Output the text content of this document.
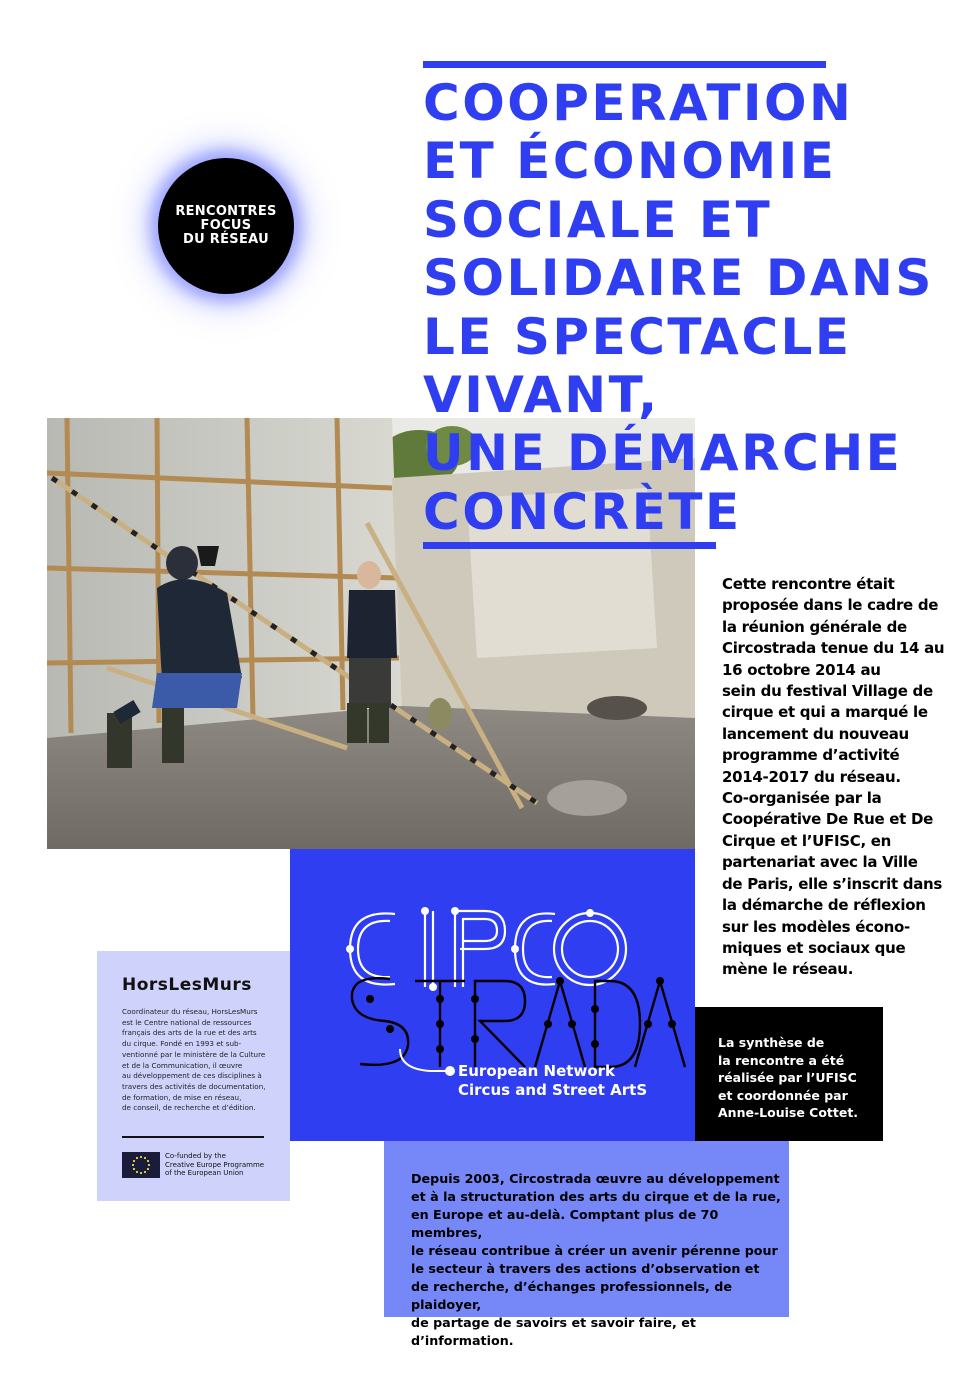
RENCONTRES
FOCUS
DU RÉSEAU
COOPERATION
ET ÉCONOMIE
SOCIALE ET
SOLIDAIRE DANS
LE SPECTACLE
VIVANT,
UNE DÉMARCHE
CONCRÈTE
Cette rencontre était
proposée dans le cadre de
la réunion générale de
Circostrada tenue du 14 au
16 octobre 2014 au
sein du festival Village de
cirque et qui a marqué le
lancement du nouveau
programme d’activité
2014-2017 du réseau.
Co-organisée par la
Coopérative De Rue et De
Cirque et l’UFISC, en
partenariat avec la Ville
de Paris, elle s’inscrit dans
la démarche de réflexion
sur les modèles écono-
miques et sociaux que
mène le réseau.
European Network
Circus and Street ArtS
La synthèse de
la rencontre a été
réalisée par l’UFISC
et coordonnée par
Anne-Louise Cottet.
HorsLesMurs
Coordinateur du réseau, HorsLesMurs
est le Centre national de ressources
français des arts de la rue et des arts
du cirque. Fondé en 1993 et sub-
ventionné par le ministère de la Culture
et de la Communication, il œuvre
au développement de ces disciplines à
travers des activités de documentation,
de formation, de mise en réseau,
de conseil, de recherche et d’édition.
Co-funded by the
Creative Europe Programme
of the European Union	Depuis 2003, Circostrada œuvre au développement
et à la structuration des arts du cirque et de la rue,
en Europe et au-delà. Comptant plus de 70 membres,
le réseau contribue à créer un avenir pérenne pour
le secteur à travers des actions d’observation et
de recherche, d’échanges professionnels, de plaidoyer,
de partage de savoirs et savoir faire, et d’information.
